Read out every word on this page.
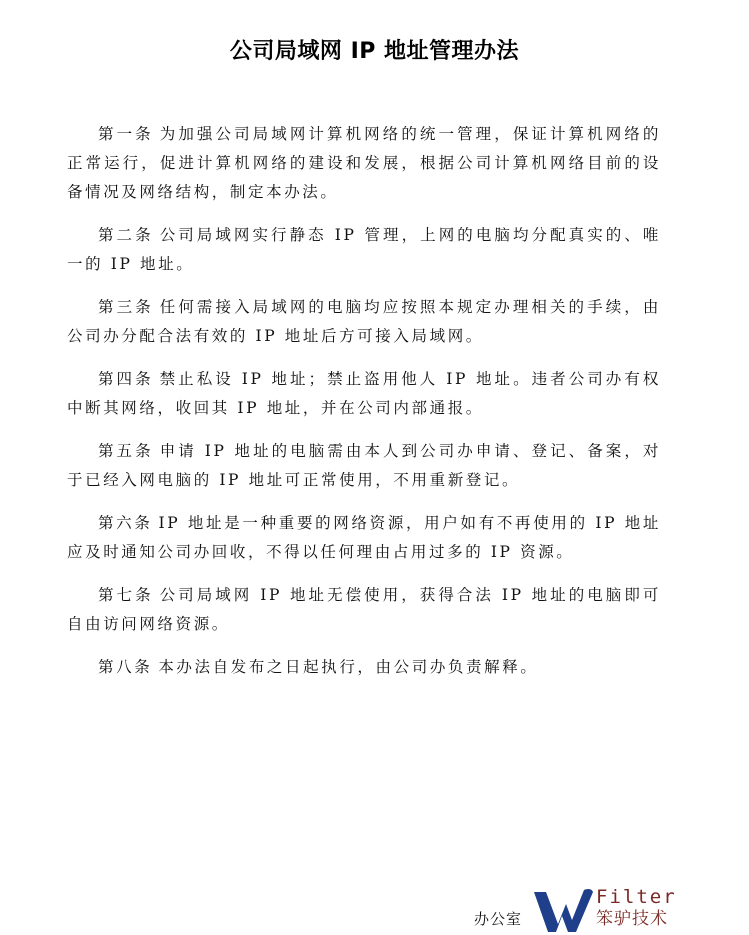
公司局域网 IP 地址管理办法

第一条 为加强公司局域网计算机网络的统一管理，保证计算机网络的正常运行，促进计算机网络的建设和发展，根据公司计算机网络目前的设备情况及网络结构，制定本办法。

第二条 公司局域网实行静态 IP 管理，上网的电脑均分配真实的、唯一的 IP 地址。

第三条 任何需接入局域网的电脑均应按照本规定办理相关的手续，由公司办分配合法有效的 IP 地址后方可接入局域网。

第四条 禁止私设 IP 地址；禁止盗用他人 IP 地址。违者公司办有权中断其网络，收回其 IP 地址，并在公司内部通报。

第五条 申请 IP 地址的电脑需由本人到公司办申请、登记、备案，对于已经入网电脑的 IP 地址可正常使用，不用重新登记。

第六条 IP 地址是一种重要的网络资源，用户如有不再使用的 IP 地址应及时通知公司办回收，不得以任何理由占用过多的 IP 资源。

第七条 公司局域网 IP 地址无偿使用，获得合法 IP 地址的电脑即可自由访问网络资源。

第八条 本办法自发布之日起执行，由公司办负责解释。

办公室
Filter
笨驴技术
